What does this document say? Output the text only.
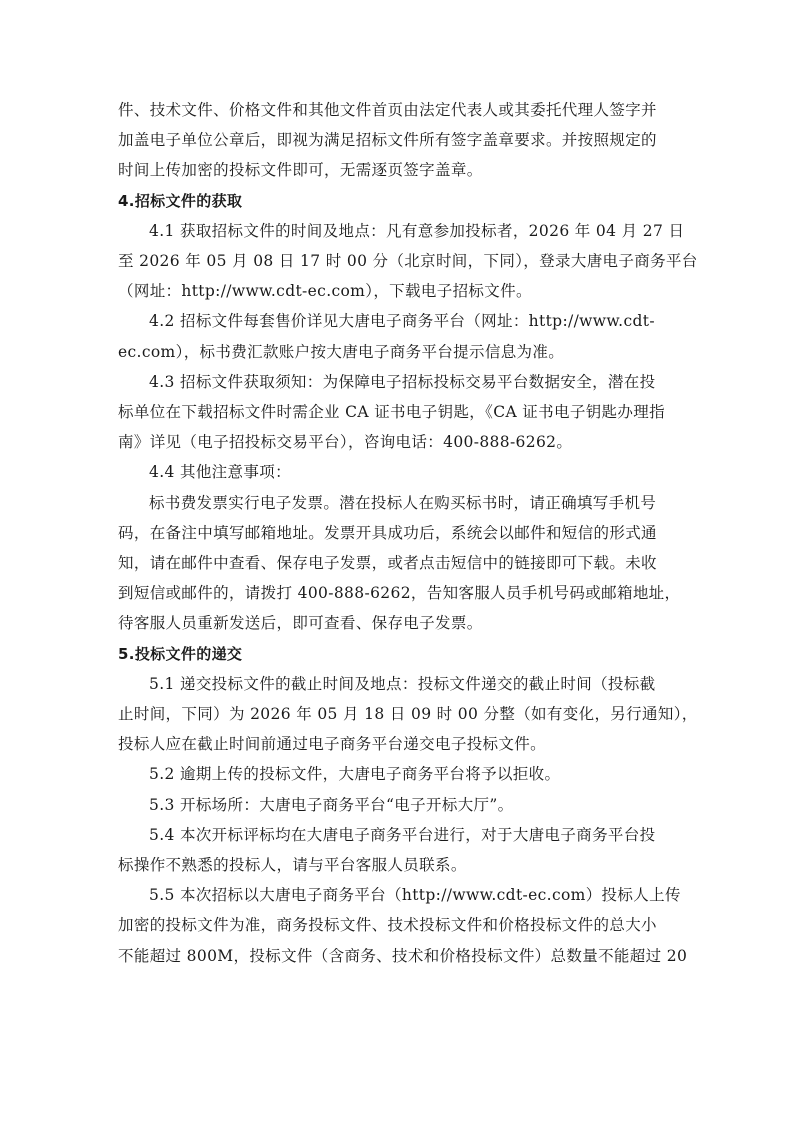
件、技术文件、价格文件和其他文件首页由法定代表人或其委托代理人签字并
加盖电子单位公章后，即视为满足招标文件所有签字盖章要求。并按照规定的
时间上传加密的投标文件即可，无需逐页签字盖章。
4.招标文件的获取
4.1 获取招标文件的时间及地点：凡有意参加投标者，2026 年 04 月 27 日
至 2026 年 05 月 08 日 17 时 00 分（北京时间，下同），登录大唐电子商务平台
（网址：http://www.cdt-ec.com），下载电子招标文件。
4.2 招标文件每套售价详见大唐电子商务平台（网址：http://www.cdt-
ec.com），标书费汇款账户按大唐电子商务平台提示信息为准。
4.3 招标文件获取须知：为保障电子招标投标交易平台数据安全，潜在投
标单位在下载招标文件时需企业 CA 证书电子钥匙，《CA 证书电子钥匙办理指
南》详见（电子招投标交易平台），咨询电话：400-888-6262。
4.4 其他注意事项：
标书费发票实行电子发票。潜在投标人在购买标书时，请正确填写手机号
码，在备注中填写邮箱地址。发票开具成功后，系统会以邮件和短信的形式通
知，请在邮件中查看、保存电子发票，或者点击短信中的链接即可下载。未收
到短信或邮件的，请拨打 400-888-6262，告知客服人员手机号码或邮箱地址，
待客服人员重新发送后，即可查看、保存电子发票。
5.投标文件的递交
5.1 递交投标文件的截止时间及地点：投标文件递交的截止时间（投标截
止时间，下同）为 2026 年 05 月 18 日 09 时 00 分整（如有变化，另行通知），
投标人应在截止时间前通过电子商务平台递交电子投标文件。
5.2 逾期上传的投标文件，大唐电子商务平台将予以拒收。
5.3 开标场所：大唐电子商务平台“电子开标大厅”。
5.4 本次开标评标均在大唐电子商务平台进行，对于大唐电子商务平台投
标操作不熟悉的投标人，请与平台客服人员联系。
5.5 本次招标以大唐电子商务平台（http://www.cdt-ec.com）投标人上传
加密的投标文件为准，商务投标文件、技术投标文件和价格投标文件的总大小
不能超过 800M，投标文件（含商务、技术和价格投标文件）总数量不能超过 20
